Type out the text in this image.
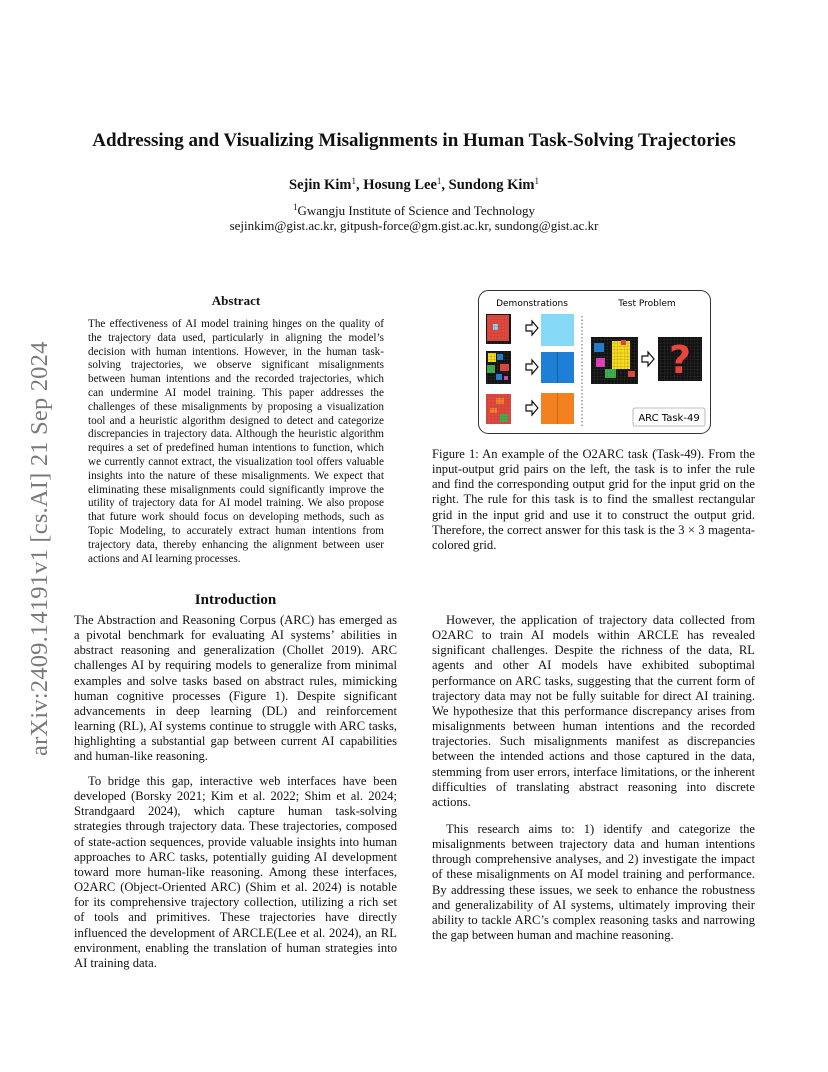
arXiv:2409.14191v1 [cs.AI] 21 Sep 2024
Addressing and Visualizing Misalignments in Human Task-Solving Trajectories
Sejin Kim$^1$, Hosung Lee$^1$, Sundong Kim$^1$
$^1$Gwangju Institute of Science and Technology
sejinkim@gist.ac.kr, gitpush-force@gm.gist.ac.kr, sundong@gist.ac.kr
Abstract

The effectiveness of AI model training hinges on the quality of the trajectory data used, particularly in aligning the model’s decision with human intentions. However, in the human task-solving trajectories, we observe significant misalignments between human intentions and the recorded trajectories, which can undermine AI model training. This paper addresses the challenges of these misalignments by proposing a visualization tool and a heuristic algorithm designed to detect and categorize discrepancies in trajectory data. Although the heuristic algorithm requires a set of predefined human intentions to function, which we currently cannot extract, the visualization tool offers valuable insights into the nature of these misalignments. We expect that eliminating these misalignments could significantly improve the utility of trajectory data for AI model training. We also propose that future work should focus on developing methods, such as Topic Modeling, to accurately extract human intentions from trajectory data, thereby enhancing the alignment between user actions and AI learning processes.

Demonstrations	Test Problem
?
ARC Task-49

Figure 1: An example of the O2ARC task (Task-49). From the input-output grid pairs on the left, the task is to infer the rule and find the corresponding output grid for the input grid on the right. The rule for this task is to find the smallest rectangular grid in the input grid and use it to construct the output grid. Therefore, the correct answer for this task is the 3 × 3 magenta-colored grid.

Introduction

The Abstraction and Reasoning Corpus (ARC) has emerged as a pivotal benchmark for evaluating AI systems’ abilities in abstract reasoning and generalization (Chollet 2019). ARC challenges AI by requiring models to generalize from minimal examples and solve tasks based on abstract rules, mimicking human cognitive processes (Figure 1). Despite significant advancements in deep learning (DL) and reinforcement learning (RL), AI systems continue to struggle with ARC tasks, highlighting a substantial gap between current AI capabilities and human-like reasoning.

To bridge this gap, interactive web interfaces have been developed (Borsky 2021; Kim et al. 2022; Shim et al. 2024; Strandgaard 2024), which capture human task-solving strategies through trajectory data. These trajectories, composed of state-action sequences, provide valuable insights into human approaches to ARC tasks, potentially guiding AI development toward more human-like reasoning. Among these interfaces, O2ARC (Object-Oriented ARC) (Shim et al. 2024) is notable for its comprehensive trajectory collection, utilizing a rich set of tools and primitives. These trajectories have directly influenced the development of ARCLE(Lee et al. 2024), an RL environment, enabling the translation of human strategies into AI training data.

However, the application of trajectory data collected from O2ARC to train AI models within ARCLE has revealed significant challenges. Despite the richness of the data, RL agents and other AI models have exhibited suboptimal performance on ARC tasks, suggesting that the current form of trajectory data may not be fully suitable for direct AI training. We hypothesize that this performance discrepancy arises from misalignments between human intentions and the recorded trajectories. Such misalignments manifest as discrepancies between the intended actions and those captured in the data, stemming from user errors, interface limitations, or the inherent difficulties of translating abstract reasoning into discrete actions.

This research aims to: 1) identify and categorize the misalignments between trajectory data and human intentions through comprehensive analyses, and 2) investigate the impact of these misalignments on AI model training and performance. By addressing these issues, we seek to enhance the robustness and generalizability of AI systems, ultimately improving their ability to tackle ARC’s complex reasoning tasks and narrowing the gap between human and machine reasoning.
